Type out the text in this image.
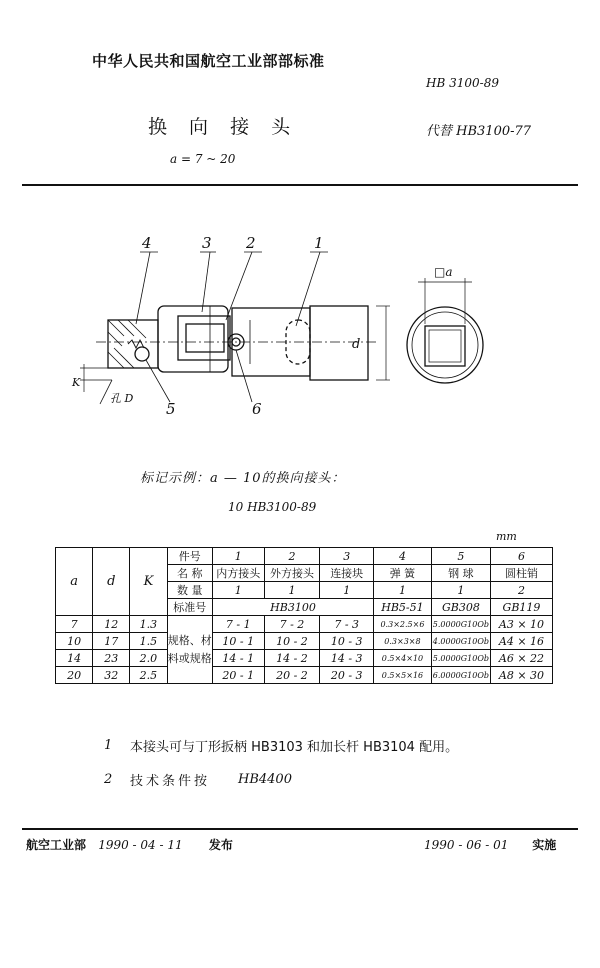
中华人民共和国航空工业部部标准
HB 3100-89
换 向 接 头	代替 HB3100-77
a = 7 ~ 20
4	3 2	1
5	6
d
K
□a
孔 D
标记示例：a — 10的换向接头：
10 HB3100-89
mm
a	d	K	件号	1	2	3	4	5	6
			名 称	内方接头	外方接头	连接块	弹 簧	钢 球	圆柱销
			数 量	1	1	1	1	1	2
			标准号	HB3100			HB5-51	GB308	GB119
7	12	1.3	规格、材料或规格	7 - 1	7 - 2	7 - 3	0.3×2.5×6	5.0000G10Ob	A3 × 10
10	17	1.5		10 - 1	10 - 2	10 - 3	0.3×3×8	4.0000G10Ob	A4 × 16
14	23	2.0		14 - 1	14 - 2	14 - 3	0.5×4×10	5.0000G10Ob	A6 × 22
20	32	2.5		20 - 1	20 - 2	20 - 3	0.5×5×16	6.0000G10Ob	A8 × 30
1 本接头可与丁形扳柄 HB3103 和加长杆 HB3104 配用。
2 技术条件按 HB4400
航空工业部 1990 - 04 - 11 发布	1990 - 06 - 01 实施
